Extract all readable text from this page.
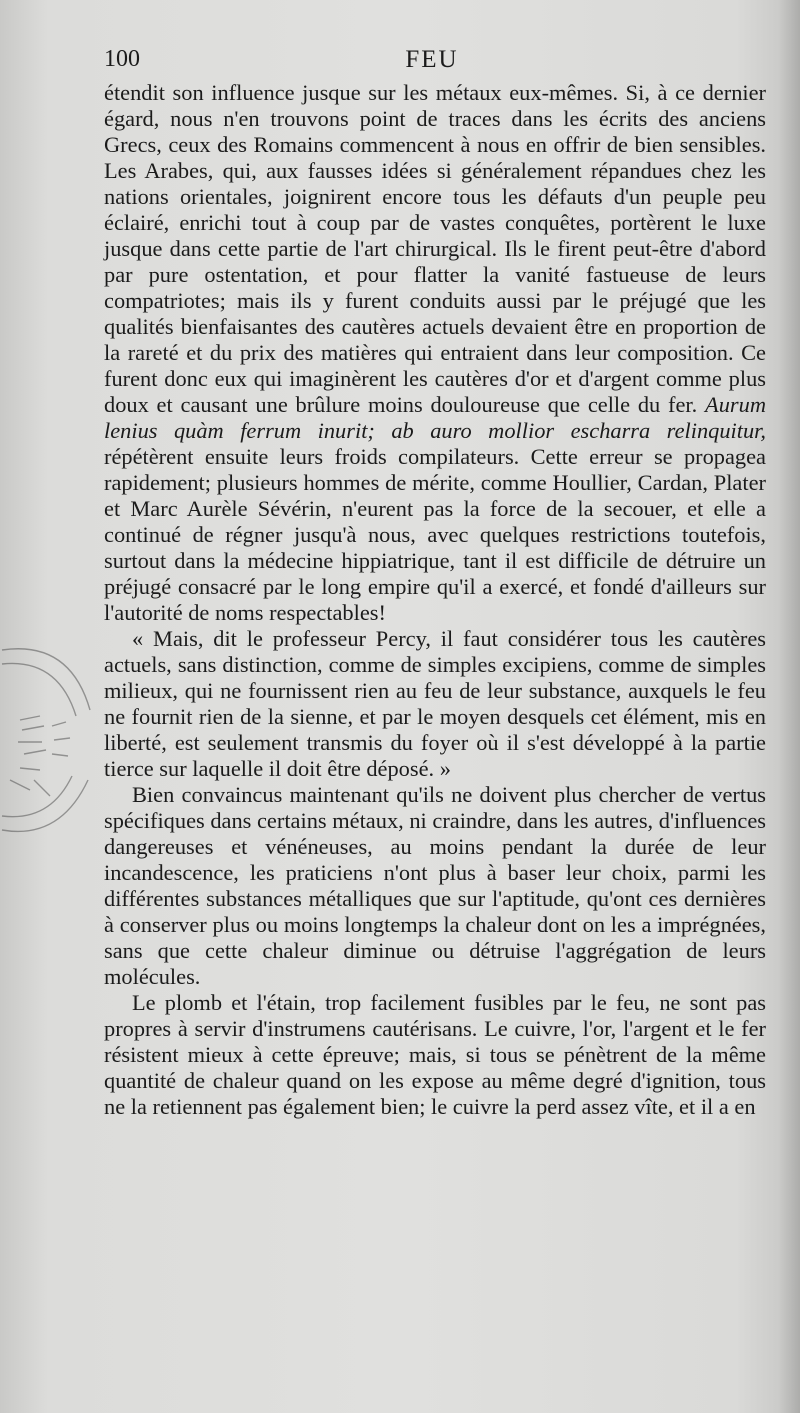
100	FEU

étendit son influence jusque sur les métaux eux-mêmes. Si, à ce dernier égard, nous n'en trouvons point de traces dans les écrits des anciens Grecs, ceux des Romains commencent à nous en offrir de bien sensibles. Les Arabes, qui, aux fausses idées si généralement répandues chez les nations orientales, joignirent encore tous les défauts d'un peuple peu éclairé, enrichi tout à coup par de vastes conquêtes, portèrent le luxe jusque dans cette partie de l'art chirurgical. Ils le firent peut-être d'abord par pure ostentation, et pour flatter la vanité fastueuse de leurs compatriotes; mais ils y furent conduits aussi par le préjugé que les qualités bienfaisantes des cautères actuels devaient être en proportion de la rareté et du prix des matières qui entraient dans leur composition. Ce furent donc eux qui imaginèrent les cautères d'or et d'argent comme plus doux et causant une brûlure moins douloureuse que celle du fer. Aurum lenius quàm ferrum inurit; ab auro mollior escharra relinquitur, répétèrent ensuite leurs froids compilateurs. Cette erreur se propagea rapidement; plusieurs hommes de mérite, comme Houllier, Cardan, Plater et Marc Aurèle Sévérin, n'eurent pas la force de la secouer, et elle a continué de régner jusqu'à nous, avec quelques restrictions toutefois, surtout dans la médecine hippiatrique, tant il est difficile de détruire un préjugé consacré par le long empire qu'il a exercé, et fondé d'ailleurs sur l'autorité de noms respectables!

« Mais, dit le professeur Percy, il faut considérer tous les cautères actuels, sans distinction, comme de simples excipiens, comme de simples milieux, qui ne fournissent rien au feu de leur substance, auxquels le feu ne fournit rien de la sienne, et par le moyen desquels cet élément, mis en liberté, est seulement transmis du foyer où il s'est développé à la partie tierce sur laquelle il doit être déposé. »

Bien convaincus maintenant qu'ils ne doivent plus chercher de vertus spécifiques dans certains métaux, ni craindre, dans les autres, d'influences dangereuses et vénéneuses, au moins pendant la durée de leur incandescence, les praticiens n'ont plus à baser leur choix, parmi les différentes substances métalliques que sur l'aptitude, qu'ont ces dernières à conserver plus ou moins longtemps la chaleur dont on les a imprégnées, sans que cette chaleur diminue ou détruise l'aggrégation de leurs molécules.

Le plomb et l'étain, trop facilement fusibles par le feu, ne sont pas propres à servir d'instrumens cautérisans. Le cuivre, l'or, l'argent et le fer résistent mieux à cette épreuve; mais, si tous se pénètrent de la même quantité de chaleur quand on les expose au même degré d'ignition, tous ne la retiennent pas également bien; le cuivre la perd assez vîte, et il a en
